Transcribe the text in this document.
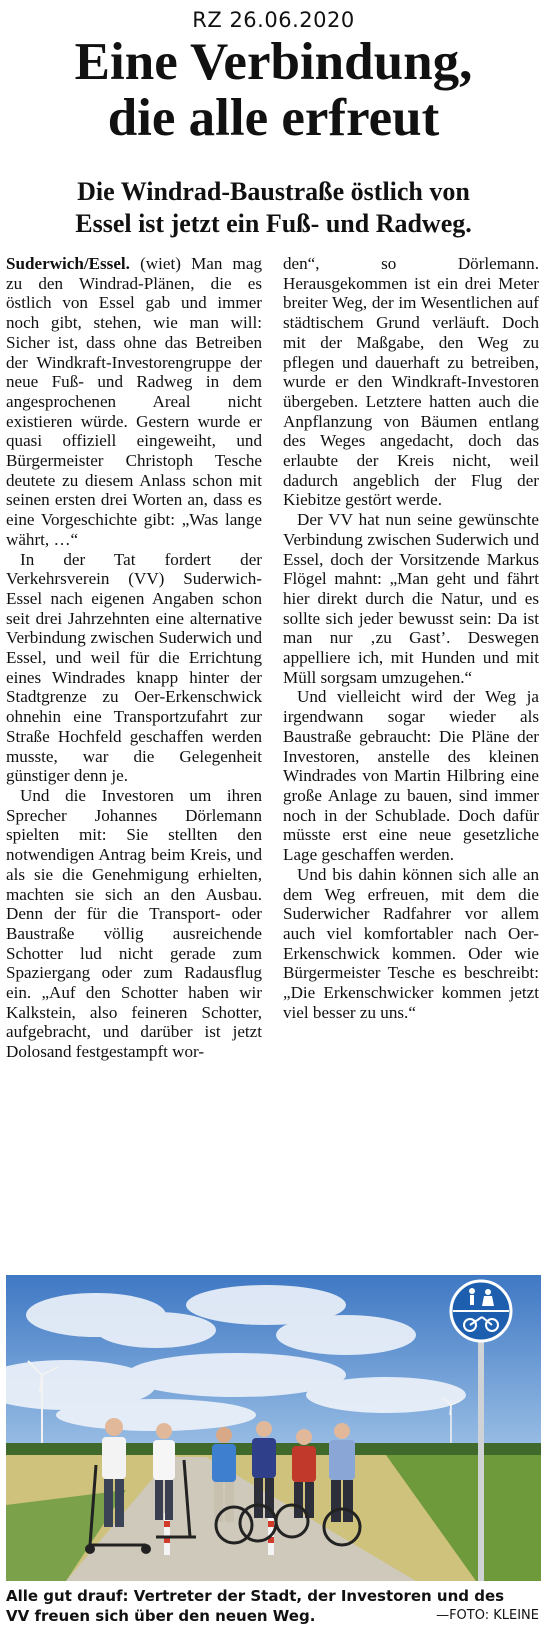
RZ 26.06.2020
Eine Verbindung,
die alle erfreut
Die Windrad-Baustraße östlich von
Essel ist jetzt ein Fuß- und Radweg.

Suderwich/Essel. (wiet) Man mag zu den Windrad-Plänen, die es östlich von Essel gab und immer noch gibt, stehen, wie man will: Sicher ist, dass ohne das Betreiben der Windkraft-Investorengruppe der neue Fuß- und Radweg in dem angesprochenen Areal nicht existieren würde. Gestern wurde er quasi offiziell eingeweiht, und Bürgermeister Christoph Tesche deutete zu diesem Anlass schon mit seinen ersten drei Worten an, dass es eine Vorgeschichte gibt: „Was lange währt, …“

In der Tat fordert der Verkehrsverein (VV) Suderwich-Essel nach eigenen Angaben schon seit drei Jahrzehnten eine alternative Verbindung zwischen Suderwich und Essel, und weil für die Errichtung eines Windrades knapp hinter der Stadtgrenze zu Oer-Erkenschwick ohnehin eine Transportzufahrt zur Straße Hochfeld geschaffen werden musste, war die Gelegenheit günstiger denn je.

Und die Investoren um ihren Sprecher Johannes Dörlemann spielten mit: Sie stellten den notwendigen Antrag beim Kreis, und als sie die Genehmigung erhielten, machten sie sich an den Ausbau. Denn der für die Transport- oder Baustraße völlig ausreichende Schotter lud nicht gerade zum Spaziergang oder zum Radausflug ein. „Auf den Schotter haben wir Kalkstein, also feineren Schotter, aufgebracht, und darüber ist jetzt Dolosand festgestampft wor-

den“, so Dörlemann. Herausgekommen ist ein drei Meter breiter Weg, der im Wesentlichen auf städtischem Grund verläuft. Doch mit der Maßgabe, den Weg zu pflegen und dauerhaft zu betreiben, wurde er den Windkraft-Investoren übergeben. Letztere hatten auch die Anpflanzung von Bäumen entlang des Weges angedacht, doch das erlaubte der Kreis nicht, weil dadurch angeblich der Flug der Kiebitze gestört werde.

Der VV hat nun seine gewünschte Verbindung zwischen Suderwich und Essel, doch der Vorsitzende Markus Flögel mahnt: „Man geht und fährt hier direkt durch die Natur, und es sollte sich jeder bewusst sein: Da ist man nur ‚zu Gast’. Deswegen appelliere ich, mit Hunden und mit Müll sorgsam umzugehen.“

Und vielleicht wird der Weg ja irgendwann sogar wieder als Baustraße gebraucht: Die Pläne der Investoren, anstelle des kleinen Windrades von Martin Hilbring eine große Anlage zu bauen, sind immer noch in der Schublade. Doch dafür müsste erst eine neue gesetzliche Lage geschaffen werden.

Und bis dahin können sich alle an dem Weg erfreuen, mit dem die Suderwicher Radfahrer vor allem auch viel komfortabler nach Oer-Erkenschwick kommen. Oder wie Bürgermeister Tesche es beschreibt: „Die Erkenschwicker kommen jetzt viel besser zu uns.“

Alle gut drauf: Vertreter der Stadt, der Investoren und des
VV freuen sich über den neuen Weg.	—FOTO: KLEINE
